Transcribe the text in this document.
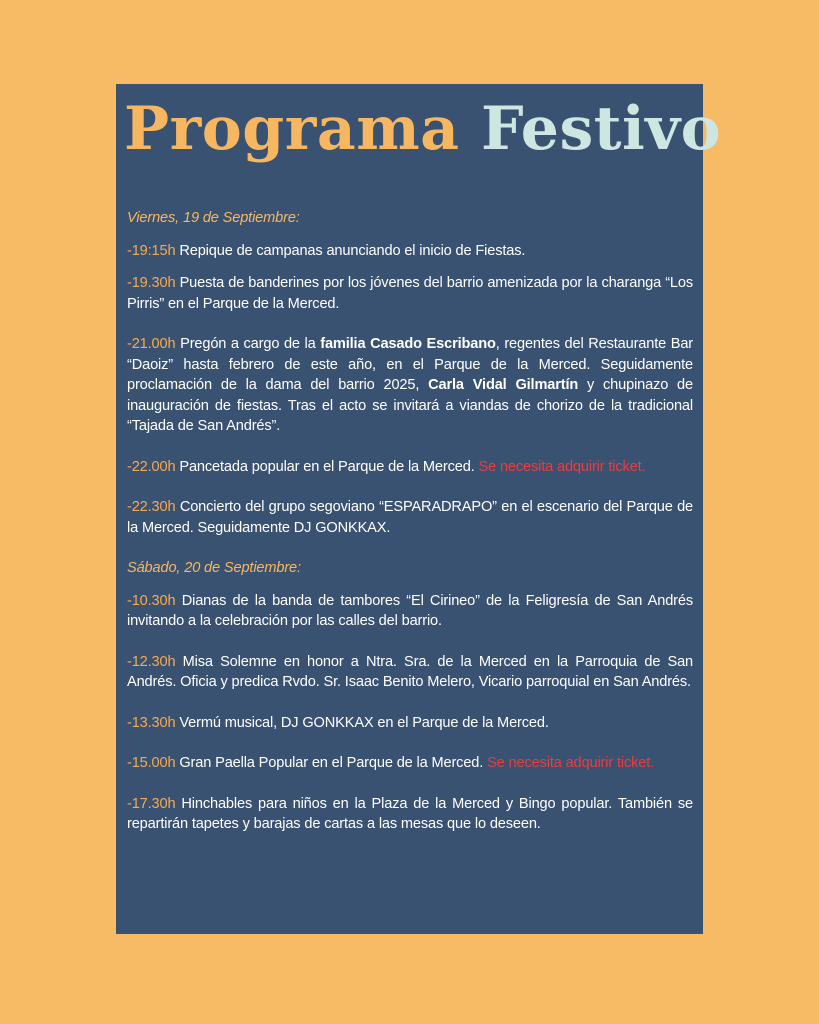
Programa Festivo
Viernes, 19 de Septiembre:
-19:15h Repique de campanas anunciando el inicio de Fiestas.
-19.30h Puesta de banderines por los jóvenes del barrio amenizada por la charanga “Los Pirris” en el Parque de la Merced.
-21.00h Pregón a cargo de la familia Casado Escribano, regentes del Restaurante Bar “Daoiz” hasta febrero de este año, en el Parque de la Merced. Seguidamente proclamación de la dama del barrio 2025, Carla Vidal Gilmartín y chupinazo de inauguración de fiestas. Tras el acto se invitará a viandas de chorizo de la tradicional “Tajada de San Andrés”.
-22.00h Pancetada popular en el Parque de la Merced. Se necesita adquirir ticket.
-22.30h Concierto del grupo segoviano “ESPARADRAPO” en el escenario del Parque de la Merced. Seguidamente DJ GONKKAX.
Sábado, 20 de Septiembre:
-10.30h Dianas de la banda de tambores “El Cirineo” de la Feligresía de San Andrés invitando a la celebración por las calles del barrio.
-12.30h Misa Solemne en honor a Ntra. Sra. de la Merced en la Parroquia de San Andrés. Oficia y predica Rvdo. Sr. Isaac Benito Melero, Vicario parroquial en San Andrés.
-13.30h Vermú musical, DJ GONKKAX en el Parque de la Merced.
-15.00h Gran Paella Popular en el Parque de la Merced. Se necesita adquirir ticket.
-17.30h Hinchables para niños en la Plaza de la Merced y Bingo popular. También se repartirán tapetes y barajas de cartas a las mesas que lo deseen.
